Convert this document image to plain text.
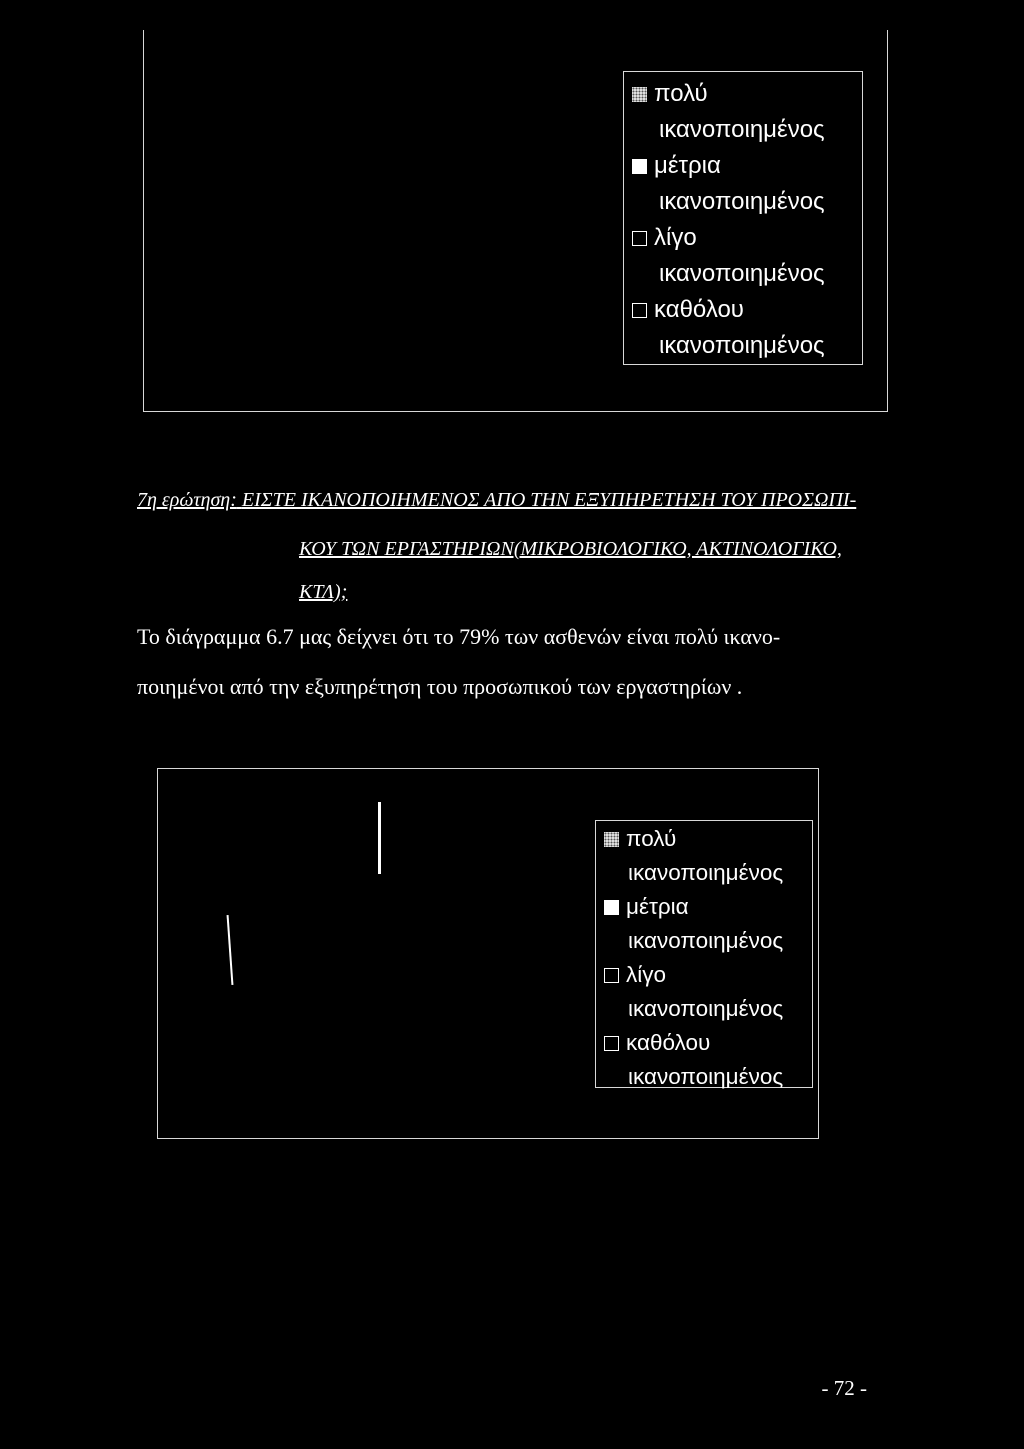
πολύ
ικανοποιημένος
μέτρια
ικανοποιημένος
λίγο
ικανοποιημένος
καθόλου
ικανοποιημένος
7η ερώτηση: ΕΙΣΤΕ ΙΚΑΝΟΠΟΙΗΜΕΝΟΣ ΑΠΟ ΤΗΝ ΕΞΥΠΗΡΕΤΗΣΗ ΤΟΥ ΠΡΟΣΩΠΙ-
ΚΟΥ ΤΩΝ ΕΡΓΑΣΤΗΡΙΩΝ(ΜΙΚΡΟΒΙΟΛΟΓΙΚΟ, ΑΚΤΙΝΟΛΟΓΙΚΟ,
ΚΤΛ);
Το διάγραμμα 6.7 μας δείχνει ότι το 79% των ασθενών είναι πολύ ικανο-
ποιημένοι από την εξυπηρέτηση του προσωπικού των εργαστηρίων .
πολύ
ικανοποιημένος
μέτρια
ικανοποιημένος
λίγο
ικανοποιημένος
καθόλου
ικανοποιημένος
- 72 -
